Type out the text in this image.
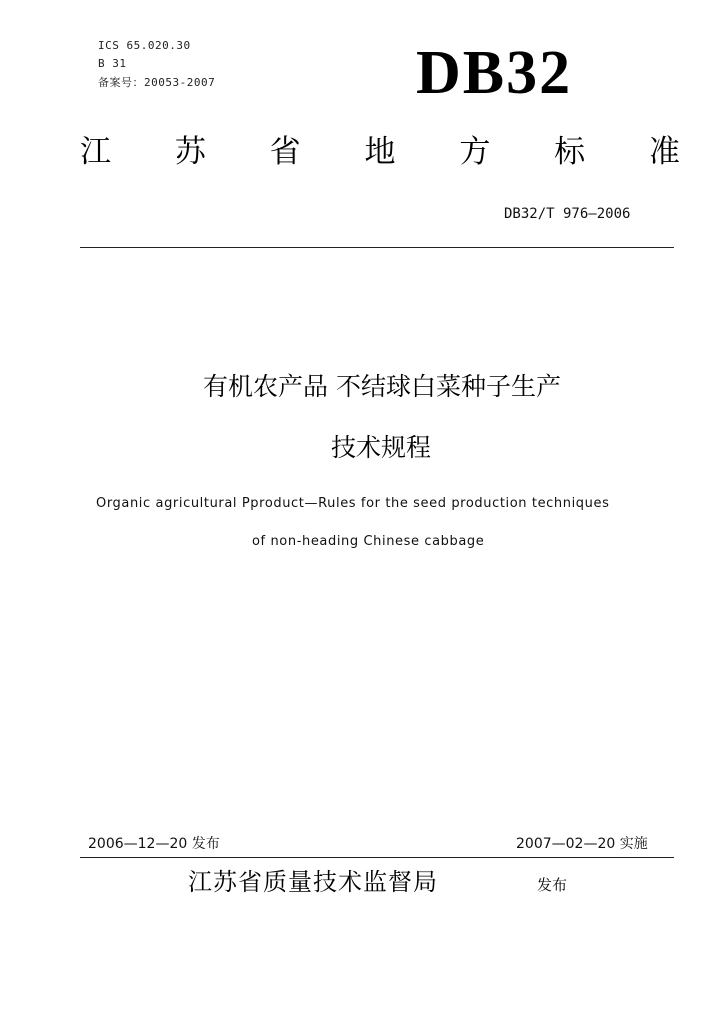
ICS 65.020.30
B 31
备案号：20053-2007	DB32
江 苏 省 地 方 标 准
DB32/T 976—2006
有机农产品 不结球白菜种子生产
技术规程
Organic agricultural Pproduct—Rules for the seed production techniques
of non-heading Chinese cabbage
2006—12—20 发布	2007—02—20 实施
江苏省质量技术监督局	发布
